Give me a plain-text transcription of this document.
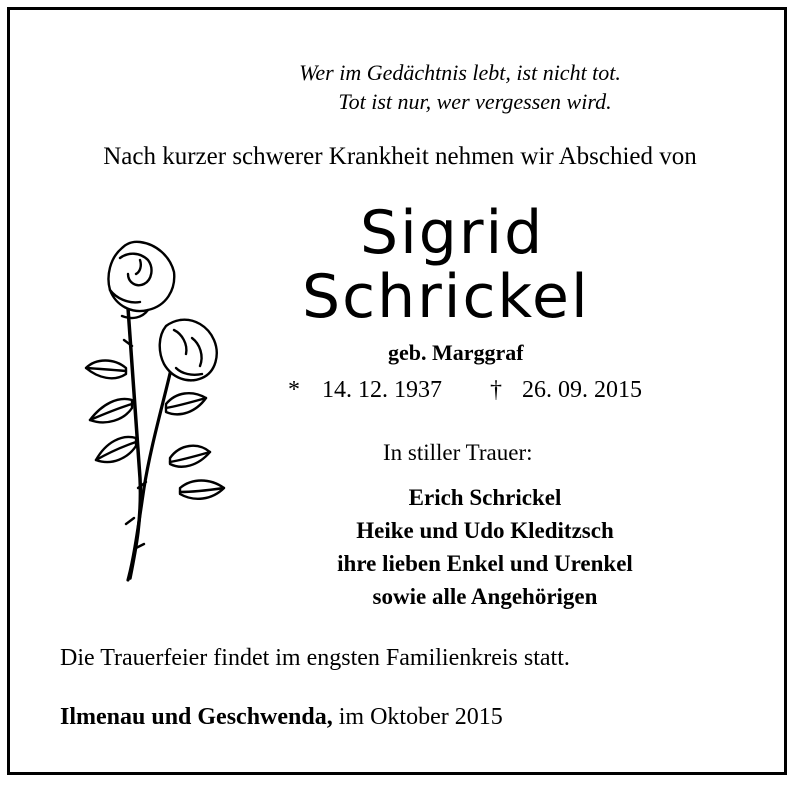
Wer im Gedächtnis lebt, ist nicht tot.
Tot ist nur, wer vergessen wird.
Nach kurzer schwerer Krankheit nehmen wir Abschied von
Sigrid
Schrickel
geb. Marggraf
* 14. 12. 1937 † 26. 09. 2015
In stiller Trauer:
Erich Schrickel
Heike und Udo Kleditzsch
ihre lieben Enkel und Urenkel
sowie alle Angehörigen
Die Trauerfeier findet im engsten Familienkreis statt.
Ilmenau und Geschwenda, im Oktober 2015
